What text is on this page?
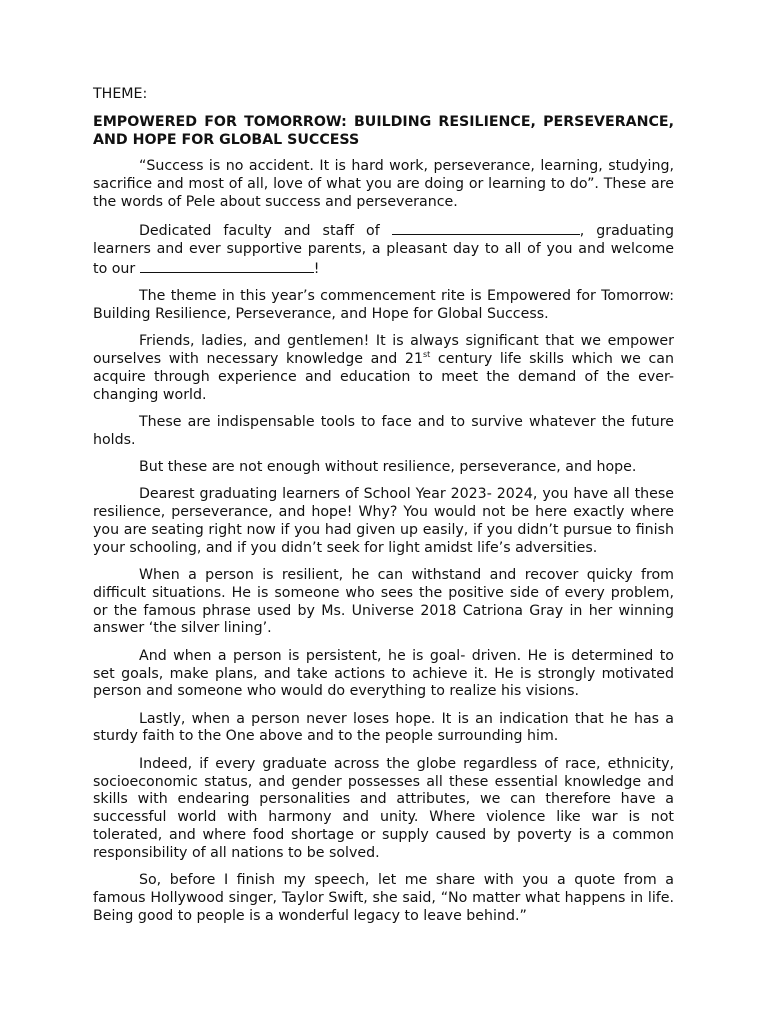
THEME:

EMPOWERED FOR TOMORROW: BUILDING RESILIENCE, PERSEVERANCE, AND HOPE FOR GLOBAL SUCCESS

“Success is no accident. It is hard work, perseverance, learning, studying, sacrifice and most of all, love of what you are doing or learning to do”. These are the words of Pele about success and perseverance.

Dedicated faculty and staff of	, graduating learners and ever supportive parents, a pleasant day to all of you and welcome to our	!

The theme in this year’s commencement rite is Empowered for Tomorrow: Building Resilience, Perseverance, and Hope for Global Success.

Friends, ladies, and gentlemen! It is always significant that we empower ourselves with necessary knowledge and 21st century life skills which we can acquire through experience and education to meet the demand of the ever- changing world.

These are indispensable tools to face and to survive whatever the future holds.

But these are not enough without resilience, perseverance, and hope.

Dearest graduating learners of School Year 2023- 2024, you have all these resilience, perseverance, and hope! Why? You would not be here exactly where you are seating right now if you had given up easily, if you didn’t pursue to finish your schooling, and if you didn’t seek for light amidst life’s adversities.

When a person is resilient, he can withstand and recover quicky from difficult situations. He is someone who sees the positive side of every problem, or the famous phrase used by Ms. Universe 2018 Catriona Gray in her winning answer ‘the silver lining’.

And when a person is persistent, he is goal- driven. He is determined to set goals, make plans, and take actions to achieve it. He is strongly motivated person and someone who would do everything to realize his visions.

Lastly, when a person never loses hope. It is an indication that he has a sturdy faith to the One above and to the people surrounding him.

Indeed, if every graduate across the globe regardless of race, ethnicity, socioeconomic status, and gender possesses all these essential knowledge and skills with endearing personalities and attributes, we can therefore have a successful world with harmony and unity. Where violence like war is not tolerated, and where food shortage or supply caused by poverty is a common responsibility of all nations to be solved.

So, before I finish my speech, let me share with you a quote from a famous Hollywood singer, Taylor Swift, she said, “No matter what happens in life. Being good to people is a wonderful legacy to leave behind.”
